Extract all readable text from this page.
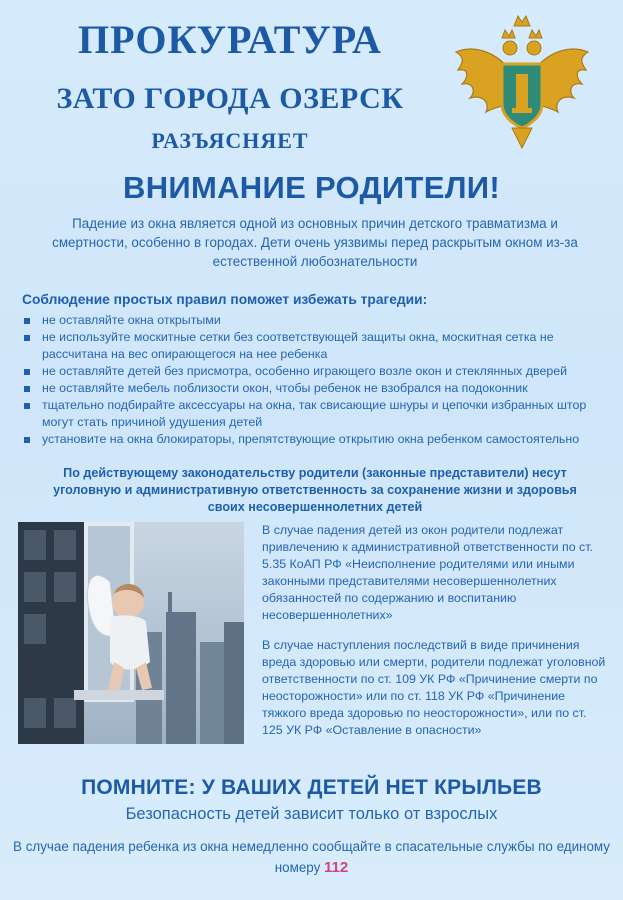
ПРОКУРАТУРА
ЗАТО ГОРОДА ОЗЕРСК
РАЗЪЯСНЯЕТ
ВНИМАНИЕ РОДИТЕЛИ!
Падение из окна является одной из основных причин детского травматизма и смертности, особенно в городах. Дети очень уязвимы перед раскрытым окном из-за естественной любознательности
Соблюдение простых правил поможет избежать трагедии:
не оставляйте окна открытыми
не используйте москитные сетки без соответствующей защиты окна, москитная сетка не рассчитана на вес опирающегося на нее ребенка
не оставляйте детей без присмотра, особенно играющего возле окон и стеклянных дверей
не оставляйте мебель поблизости окон, чтобы ребенок не взобрался на подоконник
тщательно подбирайте аксессуары на окна, так свисающие шнуры и цепочки избранных штор могут стать причиной удушения детей
установите на окна блокираторы, препятствующие открытию окна ребенком самостоятельно
По действующему законодательству родители (законные представители) несут уголовную и административную ответственность за сохранение жизни и здоровья своих несовершеннолетних детей
В случае падения детей из окон родители подлежат привлечению к административной ответственности по ст. 5.35 КоАП РФ «Неисполнение родителями или иными законными представителями несовершеннолетних обязанностей по содержанию и воспитанию несовершеннолетних»
В случае наступления последствий в виде причинения вреда здоровью или смерти, родители подлежат уголовной ответственности по ст. 109 УК РФ «Причинение смерти по неосторожности» или по ст. 118 УК РФ «Причинение тяжкого вреда здоровью по неосторожности», или по ст. 125 УК РФ «Оставление в опасности»
ПОМНИТЕ: У ВАШИХ ДЕТЕЙ НЕТ КРЫЛЬЕВ
Безопасность детей зависит только от взрослых
В случае падения ребенка из окна немедленно сообщайте в спасательные службы по единому номеру 112
